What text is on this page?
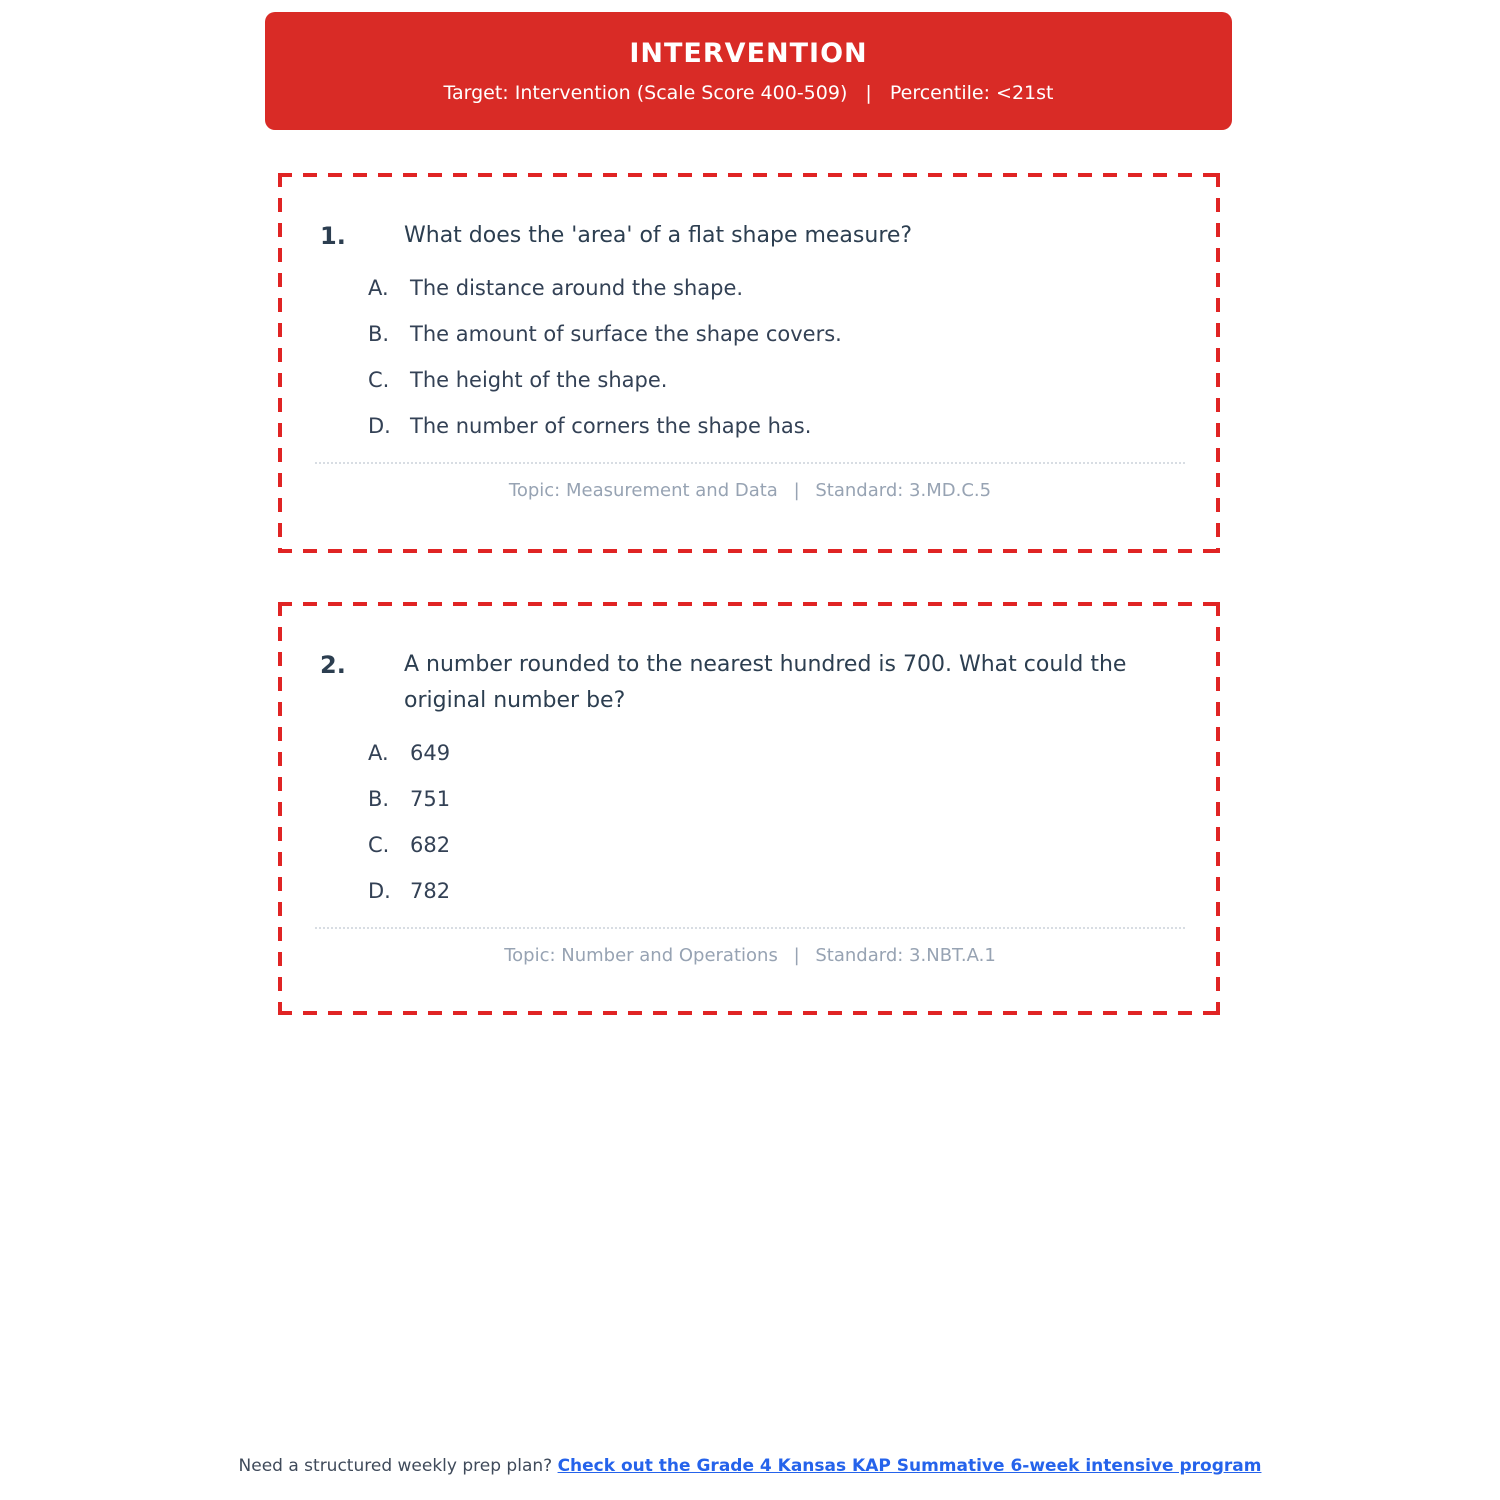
INTERVENTION
Target: Intervention (Scale Score 400-509) | Percentile: <21st
1.	What does the 'area' of a flat shape measure?
A.	The distance around the shape.
B. The amount of surface the shape covers.
C. The height of the shape.
D. The number of corners the shape has.
Topic: Measurement and Data | Standard: 3.MD.C.5
2.	A number rounded to the nearest hundred is 700. What could the original number be?
A.	649
B. 751
C. 682
D. 782
Topic: Number and Operations | Standard: 3.NBT.A.1
Need a structured weekly prep plan? Check out the Grade 4 Kansas KAP Summative 6-week intensive program
